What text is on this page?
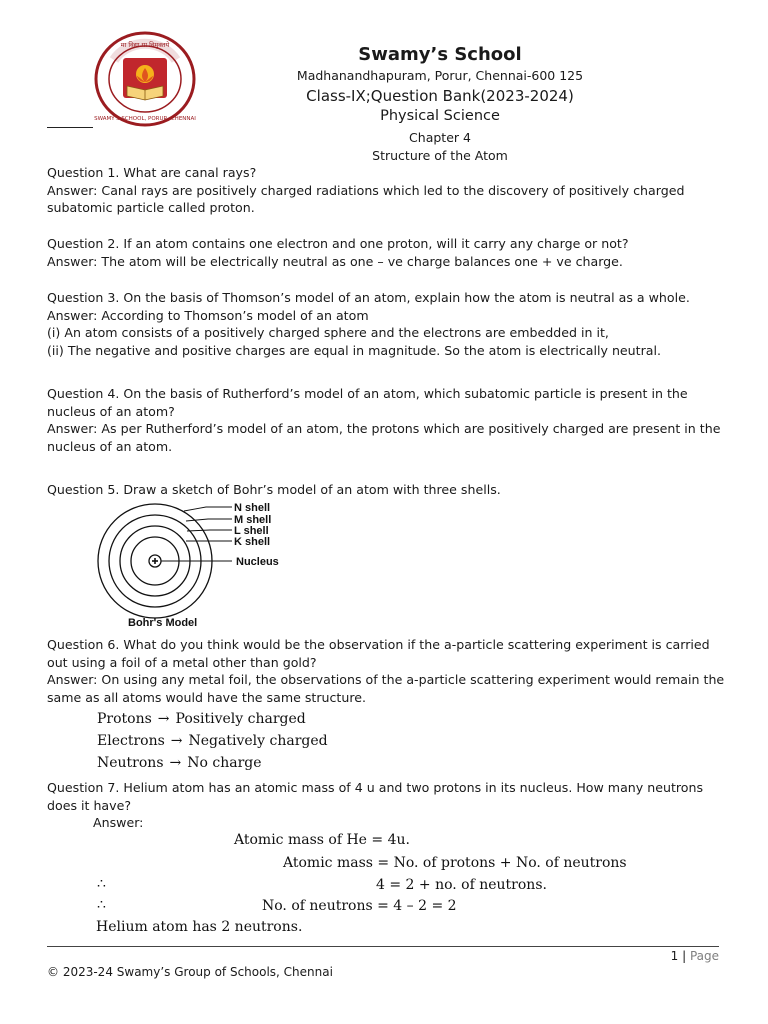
मा विद्या या विमुक्तये
SWAMY'S SCHOOL, PORUR, CHENNAI
Swamy’s School
Madhanandhapuram, Porur, Chennai-600 125
Class-IX;Question Bank(2023-2024)
Physical Science
Chapter 4
Structure of the Atom
Question 1. What are canal rays?
Answer: Canal rays are positively charged radiations which led to the discovery of positively charged
subatomic particle called proton.
Question 2. If an atom contains one electron and one proton, will it carry any charge or not?
Answer: The atom will be electrically neutral as one – ve charge balances one + ve charge.
Question 3. On the basis of Thomson’s model of an atom, explain how the atom is neutral as a whole.
Answer: According to Thomson’s model of an atom
(i) An atom consists of a positively charged sphere and the electrons are embedded in it,
(ii) The negative and positive charges are equal in magnitude. So the atom is electrically neutral.
Question 4. On the basis of Rutherford’s model of an atom, which subatomic particle is present in the
nucleus of an atom?
Answer: As per Rutherford’s model of an atom, the protons which are positively charged are present in the
nucleus of an atom.
Question 5. Draw a sketch of Bohr’s model of an atom with three shells.
N shell
M shell
L shell
K shell
Nucleus
Bohr's Model
Question 6. What do you think would be the observation if the a-particle scattering experiment is carried
out using a foil of a metal other than gold?
Answer: On using any metal foil, the observations of the a-particle scattering experiment would remain the
same as all atoms would have the same structure.
Protons → Positively charged
Electrons → Negatively charged
Neutrons → No charge
Question 7. Helium atom has an atomic mass of 4 u and two protons in its nucleus. How many neutrons
does it have?
Answer:
Atomic mass of He = 4u.
Atomic mass = No. of protons + No. of neutrons
∴	4 = 2 + no. of neutrons.
∴	No. of neutrons = 4 – 2 = 2
Helium atom has 2 neutrons.
1 | Page
© 2023-24 Swamy’s Group of Schools, Chennai
